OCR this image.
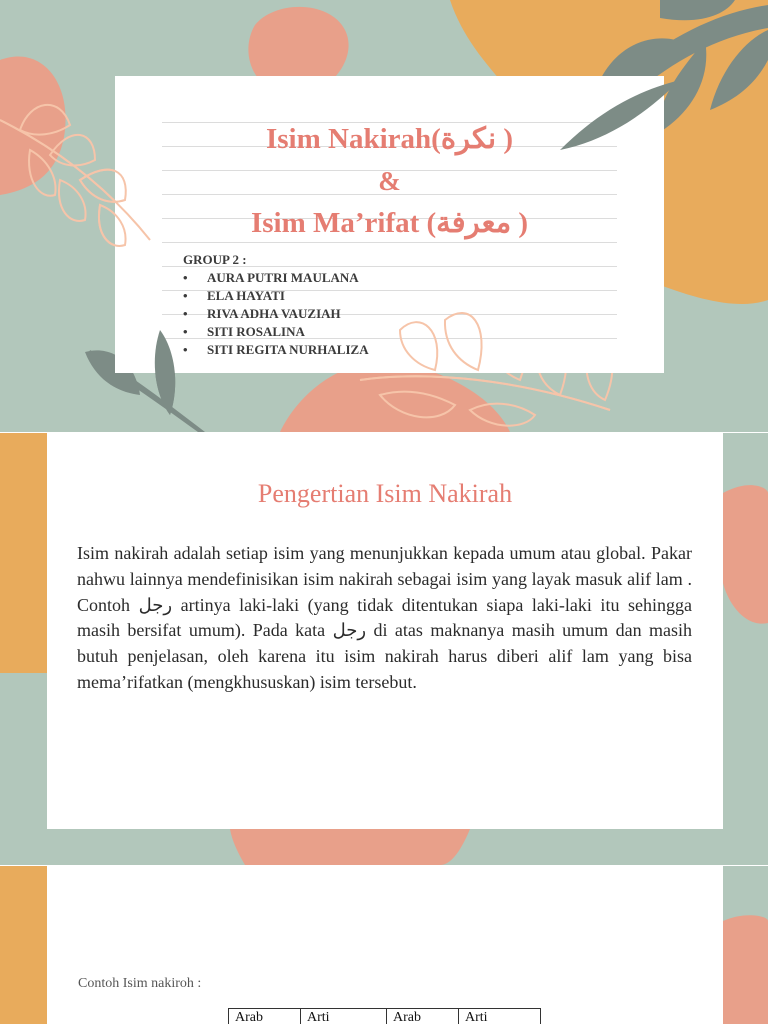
Isim Nakirah(نكرة )
&
Isim Ma’rifat (معرفة )
GROUP 2 :
• AURA PUTRI MAULANA
• ELA HAYATI
• RIVA ADHA VAUZIAH
• SITI ROSALINA
• SITI REGITA NURHALIZA
Pengertian Isim Nakirah

Isim nakirah adalah setiap isim yang menunjukkan kepada umum atau global. Pakar nahwu lainnya mendefinisikan isim nakirah sebagai isim yang layak masuk alif lam . Contoh رجل artinya laki-laki (yang tidak ditentukan siapa laki-laki itu sehingga masih bersifat umum). Pada kata رجل di atas maknanya masih umum dan masih butuh penjelasan, oleh karena itu isim nakirah harus diberi alif lam yang bisa mema’rifatkan (mengkhususkan) isim tersebut.

Contoh Isim nakiroh :
Arab	Arti	Arab	Arti
